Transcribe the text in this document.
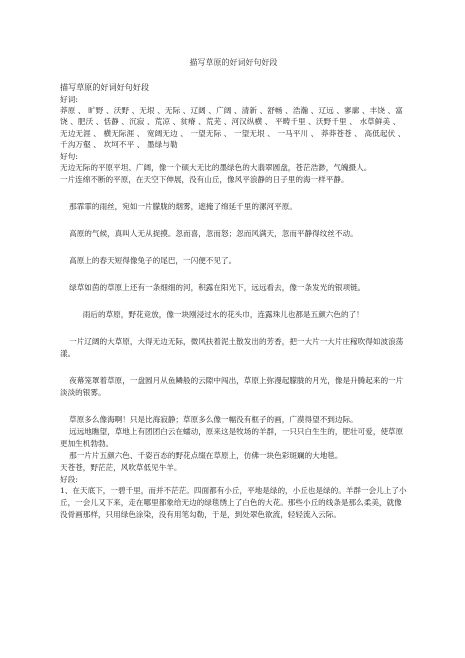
描写草原的好词好句好段
描写草原的好词好句好段
好词:
莽原 、 旷野 、沃野 、无垠 、无际 、辽阔 、广阔 、清新 、舒畅 、浩瀚 、辽远 、寥廓 、丰饶 、富饶 、肥沃 、恬静 、沉寂 、荒凉 、贫瘠 、荒芜 、河汉纵横 、 平畴千里 、沃野千里 、 水草鲜美 、 无边无涯 、 横无际涯 、 宽阔无边 、 一望无际 、 一望无垠 、 一马平川 、 莽莽苍苍 、 高低起伏 、 千沟万壑 、 坎坷不平 、 墨绿与勒
好句:

无边无际的平原平坦、广阔，像一个硕大无比的墨绿色的大翡翠圆盘，苍茫浩渺，气魄摄人。

一片连绵不断的平原，在天空下伸展，没有山丘，像风平浪静的日子里的海一样平静。

那霏霏的雨丝，宛如一片朦胧的烟雾，遮掩了绵延千里的漯河平原。

高原的气候，真叫人无从捉摸。忽而喜，忽而怒；忽而风满天，忽而平静得纹丝不动。

高原上的春天短得像兔子的尾巴，一闪便不见了。

绿草如茵的草原上还有一条细细的河，积露在阳光下，远远看去，像一条发光的银项链。

雨后的草原，野花竞放，像一块刚浸过水的花头巾，连露珠儿也都是五颜六色的了！

一片辽阔的大草原，大得无边无际，微风扶着泥土散发出的芳香，把一大片一大片庄稼吹得如波浪荡漾。

夜幕笼罩着草原，一盘圆月从鱼鳞般的云隙中闯出，草原上弥漫起朦胧的月光，像是升腾起来的一片淡淡的银雾。

草原多么像海啊！只是比海寂静；草原多么像一幅没有框子的画，广漠得望不到边际。

远远地瞧望，草地上有团团白云在蠕动，原来这是牧场的羊群，一只只白生生的，肥壮可爱，使草原更加生机勃勃。

那一片片五颜六色、千姿百态的野花点缀在草原上，仿佛一块色彩斑斓的大地毯。

天苍苍，野茫茫，风吹草低见牛羊。

好段:

1、在天底下，一碧千里，而并不茫茫。四面都有小丘，平地是绿的，小丘也是绿的。羊群一会儿上了小丘，一会儿又下来，走在哪里都象给无边的绿毯绣上了白色的大花。那些小丘的线条是那么柔美，就像没骨画那样，只用绿色涂染，没有用笔勾勒，于是，到处翠色欲流，轻轻流入云际。
